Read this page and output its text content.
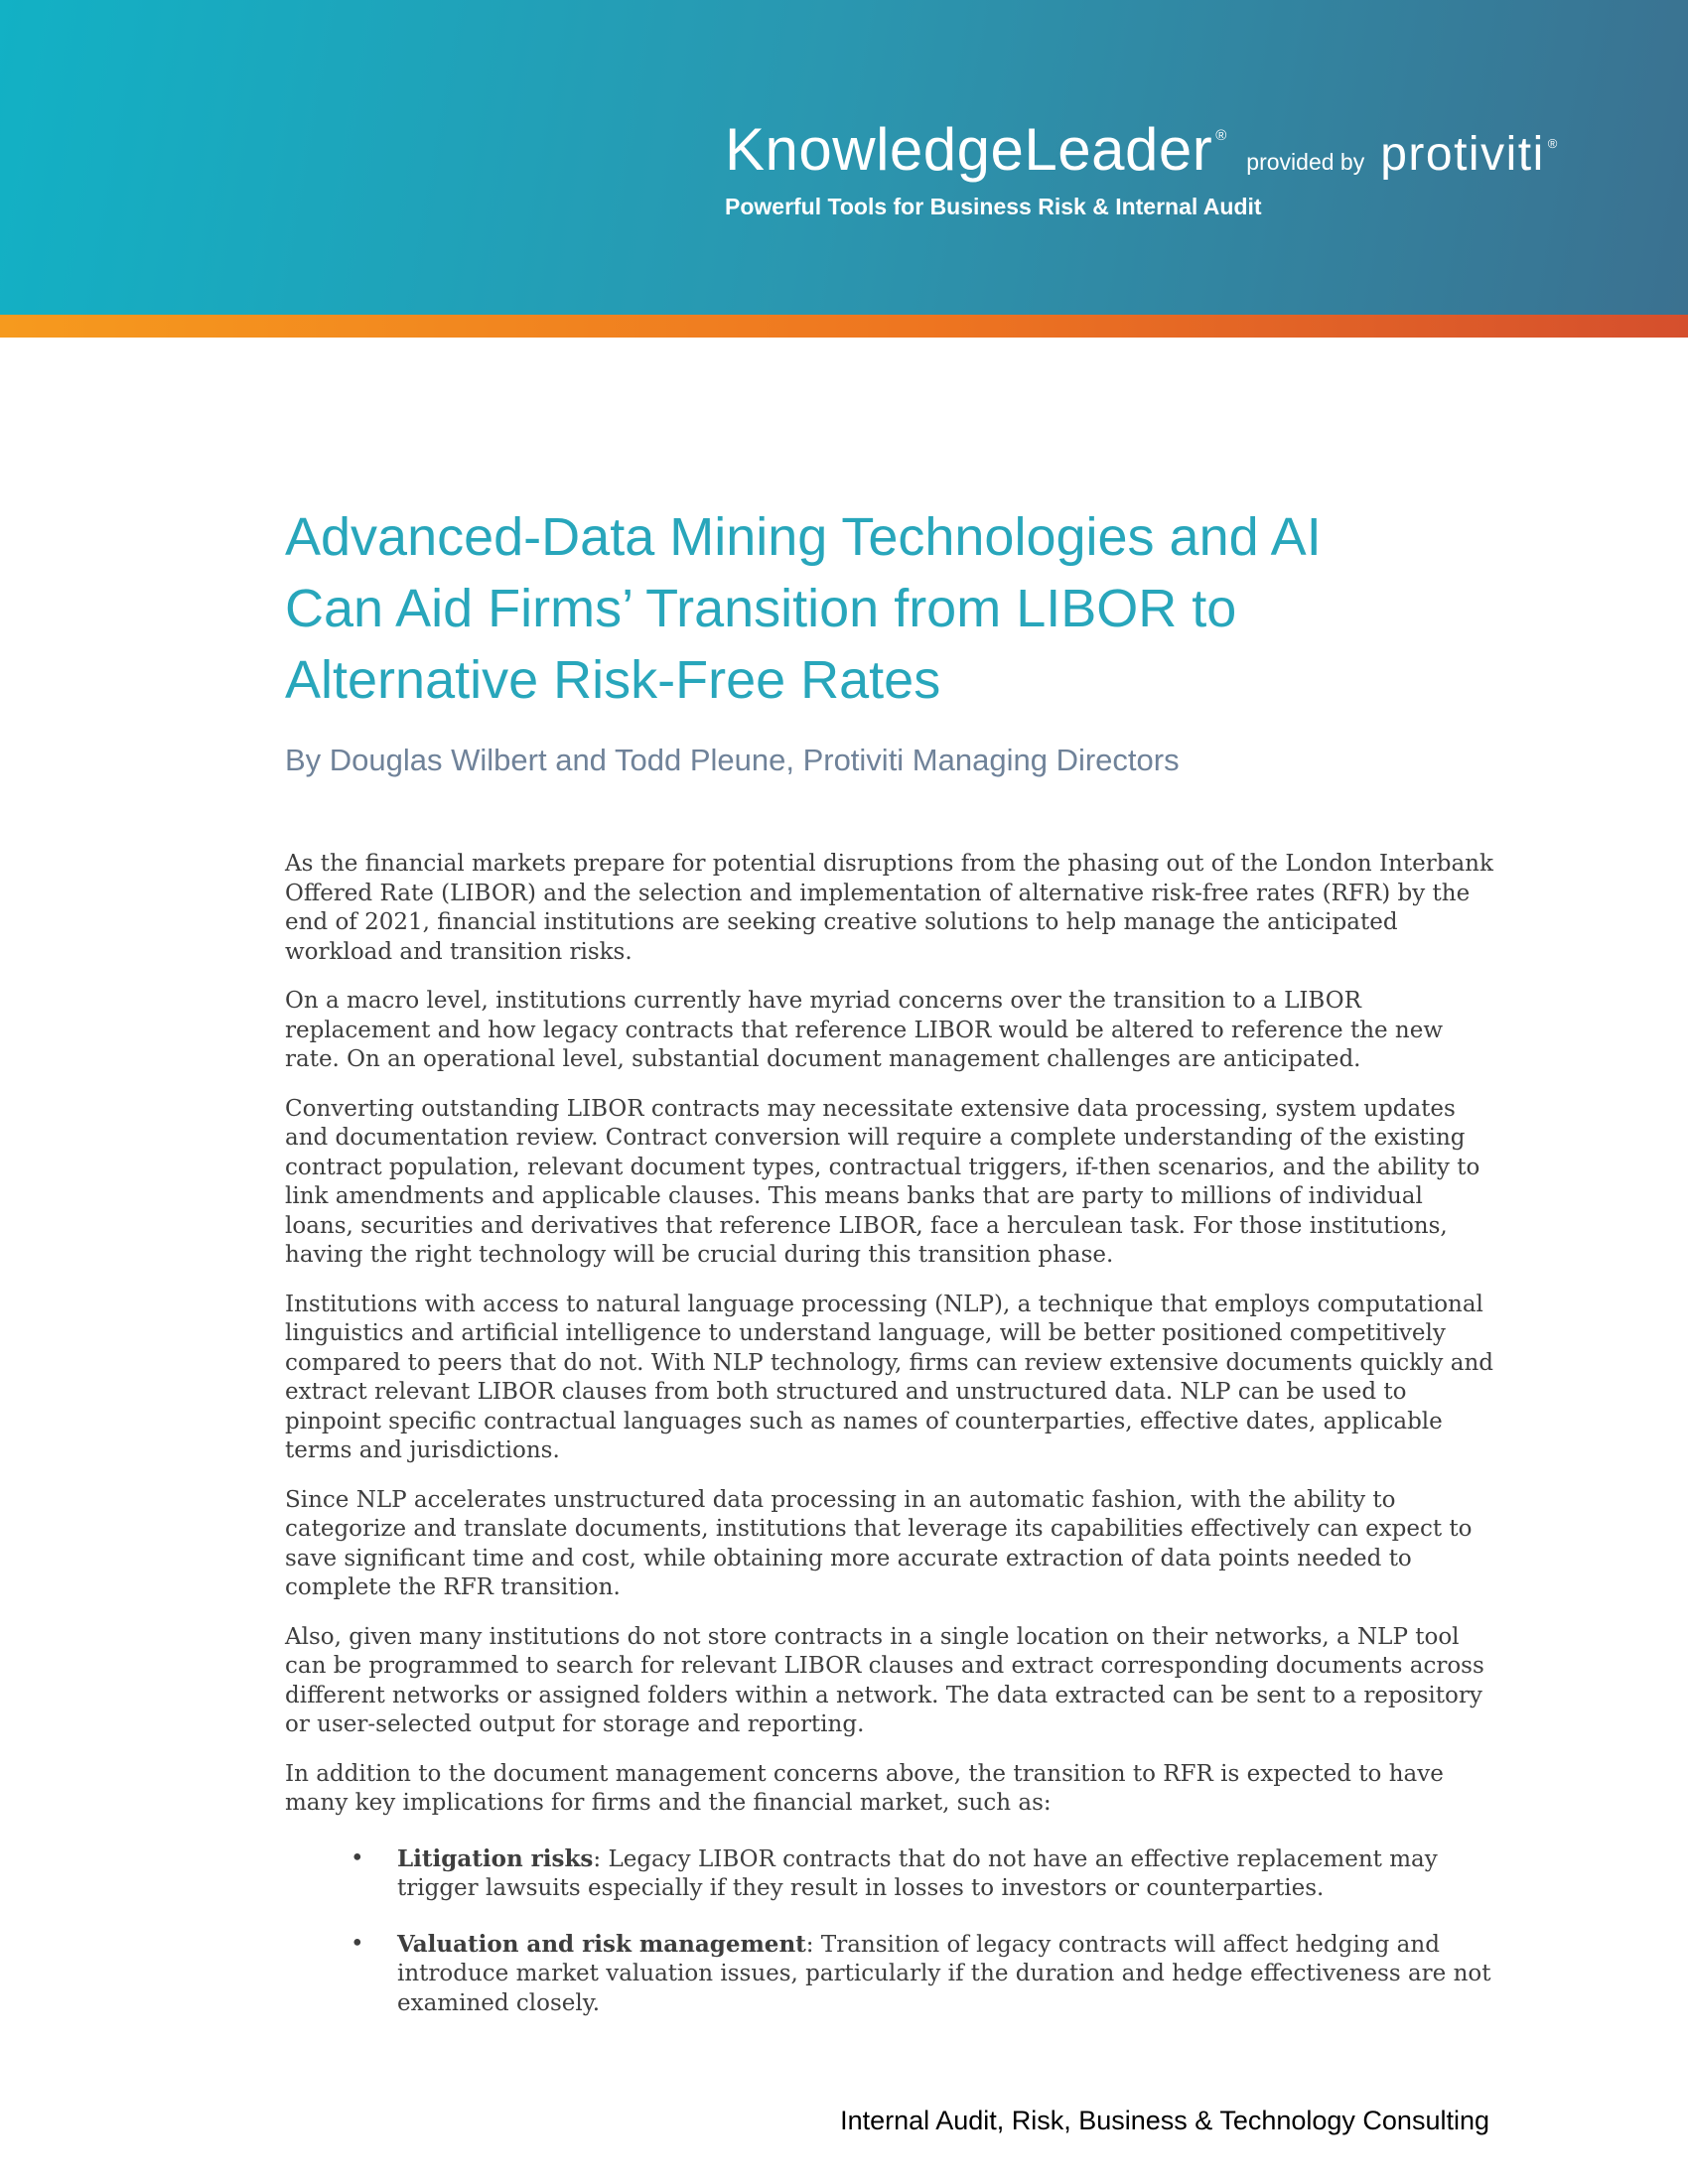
KnowledgeLeader ®
provided by protiviti ®
Powerful Tools for Business Risk & Internal Audit
Advanced-Data Mining Technologies and AI
Can Aid Firms’ Transition from LIBOR to
Alternative Risk-Free Rates
By Douglas Wilbert and Todd Pleune, Protiviti Managing Directors

As the financial markets prepare for potential disruptions from the phasing out of the London Interbank Offered Rate (LIBOR) and the selection and implementation of alternative risk-free rates (RFR) by the end of 2021, financial institutions are seeking creative solutions to help manage the anticipated workload and transition risks.

On a macro level, institutions currently have myriad concerns over the transition to a LIBOR replacement and how legacy contracts that reference LIBOR would be altered to reference the new rate. On an operational level, substantial document management challenges are anticipated.

Converting outstanding LIBOR contracts may necessitate extensive data processing, system updates and documentation review. Contract conversion will require a complete understanding of the existing contract population, relevant document types, contractual triggers, if-then scenarios, and the ability to link amendments and applicable clauses. This means banks that are party to millions of individual loans, securities and derivatives that reference LIBOR, face a herculean task. For those institutions, having the right technology will be crucial during this transition phase.

Institutions with access to natural language processing (NLP), a technique that employs computational linguistics and artificial intelligence to understand language, will be better positioned competitively compared to peers that do not. With NLP technology, firms can review extensive documents quickly and extract relevant LIBOR clauses from both structured and unstructured data. NLP can be used to pinpoint specific contractual languages such as names of counterparties, effective dates, applicable terms and jurisdictions.

Since NLP accelerates unstructured data processing in an automatic fashion, with the ability to categorize and translate documents, institutions that leverage its capabilities effectively can expect to save significant time and cost, while obtaining more accurate extraction of data points needed to complete the RFR transition.

Also, given many institutions do not store contracts in a single location on their networks, a NLP tool can be programmed to search for relevant LIBOR clauses and extract corresponding documents across different networks or assigned folders within a network. The data extracted can be sent to a repository or user-selected output for storage and reporting.

In addition to the document management concerns above, the transition to RFR is expected to have many key implications for firms and the financial market, such as:

• Litigation risks: Legacy LIBOR contracts that do not have an effective replacement may trigger lawsuits especially if they result in losses to investors or counterparties.
• Valuation and risk management: Transition of legacy contracts will affect hedging and introduce market valuation issues, particularly if the duration and hedge effectiveness are not examined closely.
Internal Audit, Risk, Business & Technology Consulting
